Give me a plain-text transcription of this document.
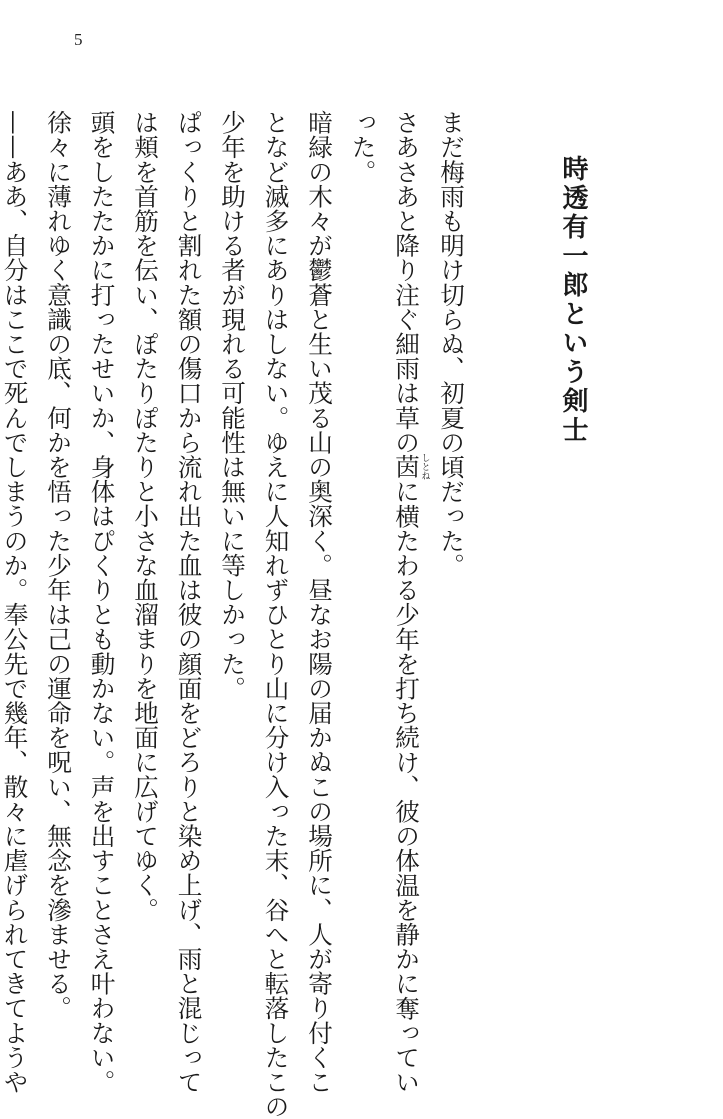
5
時透有一郎という剣士
まだ梅雨も明け切らぬ、初夏の頃だった。
さあさあと降り注ぐ細雨は草の茵しとねに横たわる少年を打ち続け、彼の体温を静かに奪ってい
った。
暗緑の木々が鬱蒼と生い茂る山の奥深く。昼なお陽の届かぬこの場所に、人が寄り付くこ
となど滅多にありはしない。ゆえに人知れずひとり山に分け入った末、谷へと転落したこの
少年を助ける者が現れる可能性は無いに等しかった。
ぱっくりと割れた額の傷口から流れ出た血は彼の顔面をどろりと染め上げ、雨と混じって
は頬を首筋を伝い、ぽたりぽたりと小さな血溜まりを地面に広げてゆく。
頭をしたたかに打ったせいか、身体はぴくりとも動かない。声を出すことさえ叶わない。
徐々に薄れゆく意識の底、何かを悟った少年は己の運命を呪い、無念を滲ませる。
——ああ、自分はここで死んでしまうのか。奉公先で幾年、散々に虐げられてきてようや
